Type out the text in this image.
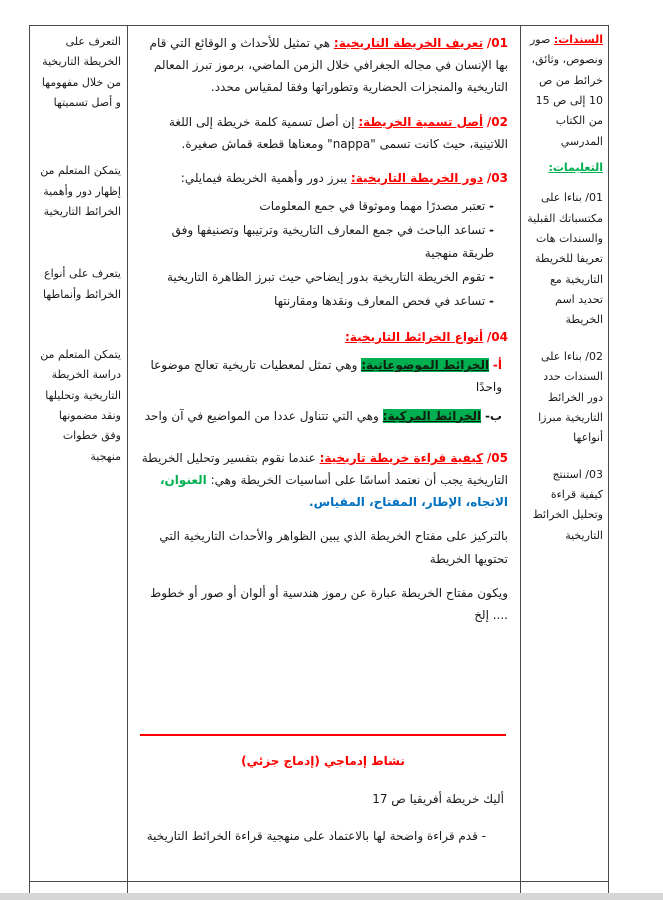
السندات: صور ونصوص، وثائق، خرائط من ص 10 إلى ص 15 من الكتاب المدرسي

التعليمات:

01/ بناءا على مكتسباتك القبلية والسندات هات تعريفا للخريطة التاريخية مع تحديد اسم الخريطة

02/ بناءا على السندات حدد دور الخرائط التاريخية مبرزا أنواعها

03/ استنتج كيفية قراءة وتحليل الخرائط التاريخية

01/ تعريف الخريطة التاريخية: هي تمثيل للأحداث و الوقائع التي قام بها الإنسان في مجاله الجغرافي خلال الزمن الماضي، برموز تبرز المعالم التاريخية والمنجزات الحضارية وتطوراتها وفقا لمقياس محدد.

02/ أصل تسمية الخريطة: إن أصل تسمية كلمة خريطة إلى اللغة اللاتينية، حيث كانت تسمى "nappa" ومعناها قطعة قماش صغيرة.

03/ دور الخريطة التاريخية: يبرز دور وأهمية الخريطة فيمايلي:

- تعتبر مصدرًا مهما وموثوقا في جمع المعلومات

- تساعد الباحث في جمع المعارف التاريخية وترتيبها وتصنيفها وفق طريقة منهجية

- تقوم الخريطة التاريخية بدور إيضاحي حيث تبرز الظاهرة التاريخية

- تساعد في فحص المعارف ونقدها ومقارنتها

04/ أنواع الخرائط التاريخية:

أ- الخرائط الموضوعاتية: وهي تمثل لمعطيات تاريخية تعالج موضوعا واحدًا

ب- الخرائط المركبة: وهي التي تتناول عددا من المواضيع في آن واحد

05/ كيفية قراءة خريطة تاريخية: عندما نقوم بتفسير وتحليل الخريطة التاريخية يجب أن نعتمد أساسًا على أساسيات الخريطة وهي: العنوان، الاتجاه، الإطار، المفتاح، المقياس.

بالتركيز على مفتاح الخريطة الذي يبين الظواهر والأحداث التاريخية التي تحتويها الخريطة

ويكون مفتاح الخريطة عبارة عن رموز هندسية أو ألوان أو صور أو خطوط .... إلخ

نشاط إدماجي (إدماج جزئي)

أليك خريطة أفريقيا ص 17

- قدم قراءة واضحة لها بالاعتماد على منهجية قراءة الخرائط التاريخية

التعرف على الخريطة التاريخية من خلال مفهومها و أصل تسميتها

يتمكن المتعلم من إظهار دور وأهمية الخرائط التاريخية

يتعرف على أنواع الخرائط وأنماطها

يتمكن المتعلم من دراسة الخريطة التاريخية وتحليلها ونقد مضمونها وفق خطوات منهجية
